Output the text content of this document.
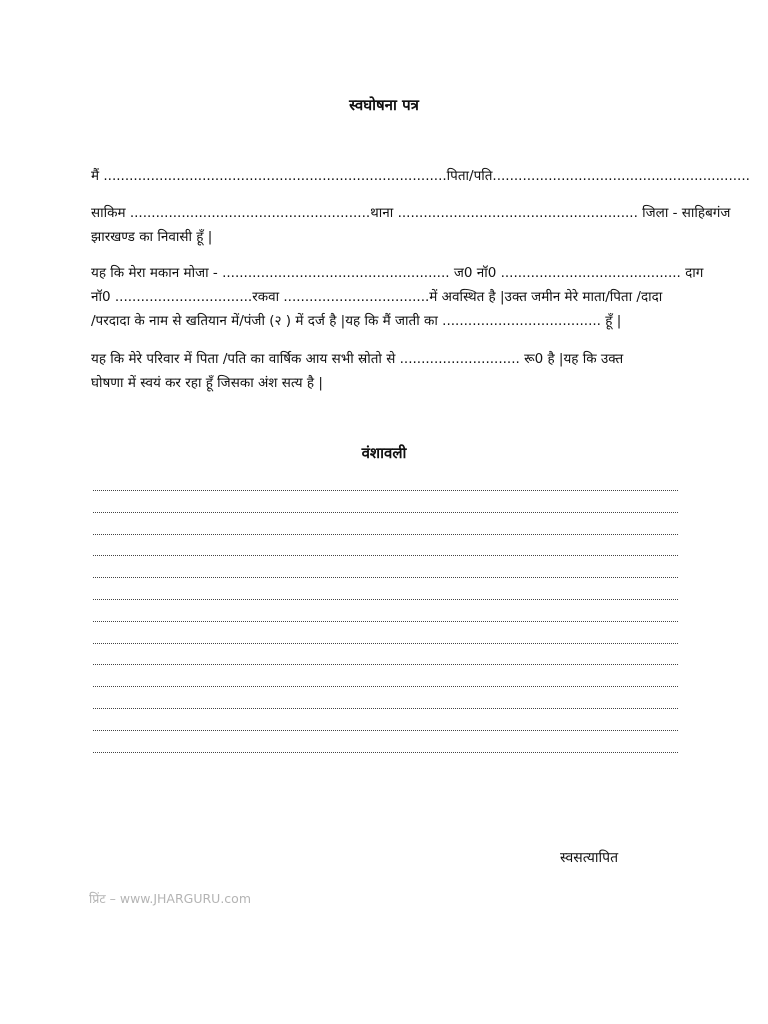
स्वघोषना पत्र
मैं ................................................................................पिता/पति............................................................
साकिम ........................................................थाना ........................................................ जिला - साहिबगंज
झारखण्ड का निवासी हूँ |
यह कि मेरा मकान मोजा - ..................................................... ज0 नॉ0 .......................................... दाग
नॉ0 ................................रकवा ..................................में अवस्थित है |उक्त जमीन मेरे माता/पिता /दादा
/परदादा के नाम से खतियान में/पंजी (२ ) में दर्ज है |यह कि मैं जाती का ..................................... हूँ |
यह कि मेरे परिवार में पिता /पति का वार्षिक आय सभी स्रोतो से ............................ रू0 है |यह कि उक्त
घोषणा में स्वयं कर रहा हूँ जिसका अंश सत्य है |
वंशावली
स्वसत्यापित
प्रिंट – www.JHARGURU.com
